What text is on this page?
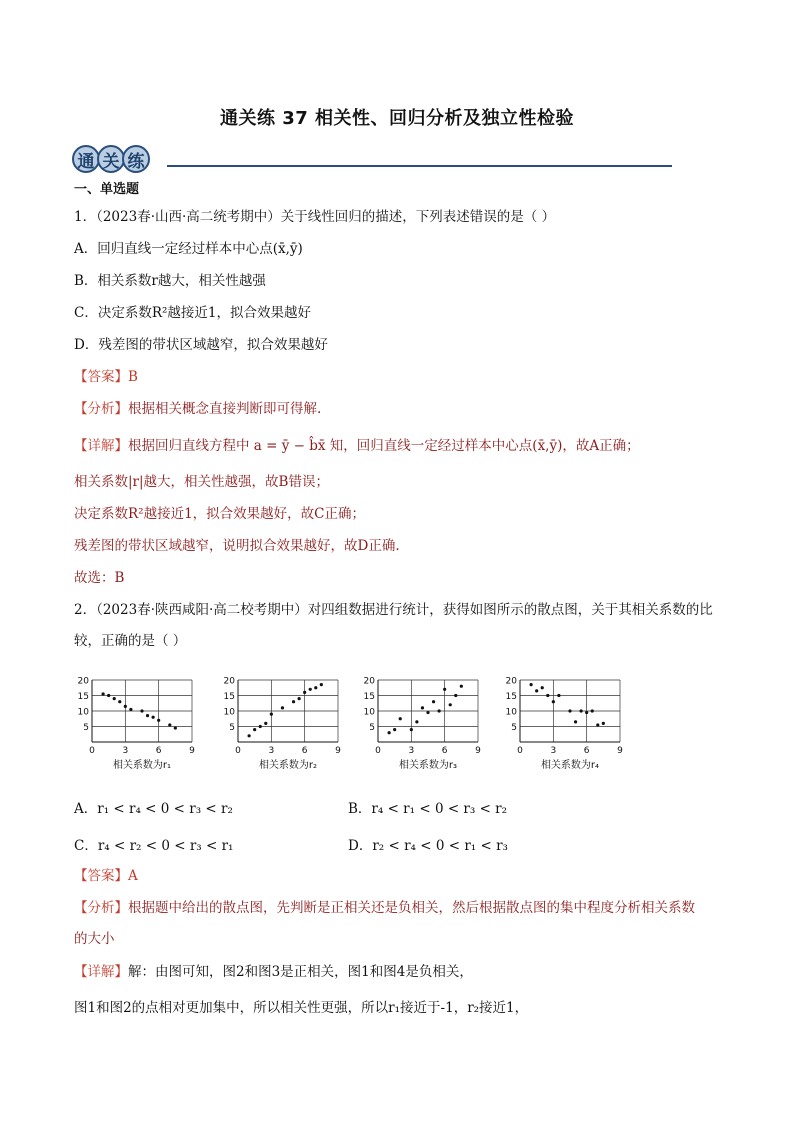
通关练 37 相关性、回归分析及独立性检验
通 关 练
一、单选题
1．（2023春·山西·高二统考期中）关于线性回归的描述，下列表述错误的是（ ）
A．回归直线一定经过样本中心点(x̄,ȳ)
B．相关系数r越大，相关性越强
C．决定系数R²越接近1，拟合效果越好
D．残差图的带状区域越窄，拟合效果越好
【答案】B
【分析】根据相关概念直接判断即可得解.
【详解】根据回归直线方程中 a = ȳ − b̂x̄ 知，回归直线一定经过样本中心点(x̄,ȳ)，故A正确；
相关系数|r|越大，相关性越强，故B错误；
决定系数R²越接近1，拟合效果越好，故C正确；
残差图的带状区域越窄，说明拟合效果越好，故D正确.
故选：B
2．（2023春·陕西咸阳·高二校考期中）对四组数据进行统计，获得如图所示的散点图，关于其相关系数的比
较，正确的是（ ）
5
10
15
20
0	3	6	9
相关系数为r₁
5
10
15
20
0	3	6	9
相关系数为r₂
5
10
15
20
0	3	6	9
相关系数为r₃
5
10
15
20
0	3	6	9
相关系数为r₄
A．r₁ < r₄ < 0 < r₃ < r₂	B．r₄ < r₁ < 0 < r₃ < r₂
C．r₄ < r₂ < 0 < r₃ < r₁	D．r₂ < r₄ < 0 < r₁ < r₃
【答案】A
【分析】根据题中给出的散点图，先判断是正相关还是负相关，然后根据散点图的集中程度分析相关系数
的大小
【详解】解：由图可知，图2和图3是正相关，图1和图4是负相关，
图1和图2的点相对更加集中，所以相关性更强，所以r₁接近于-1，r₂接近1，
